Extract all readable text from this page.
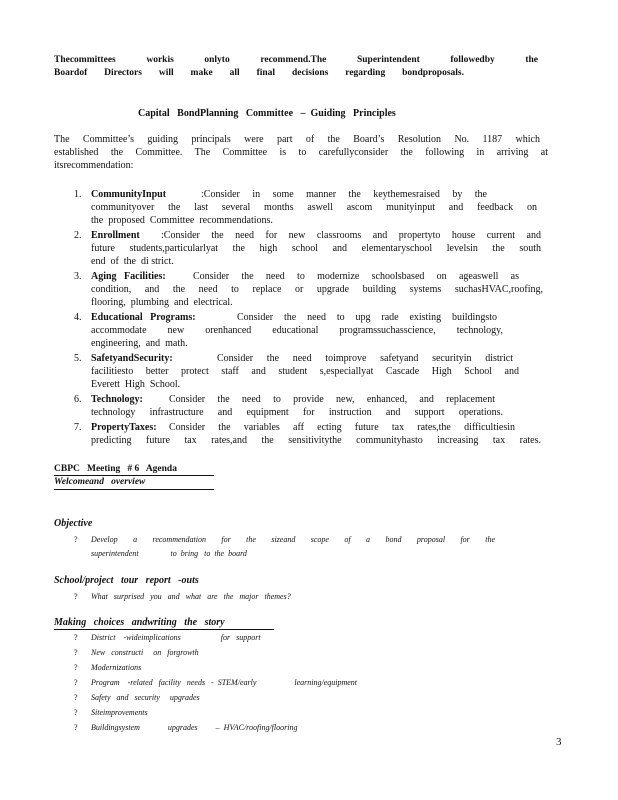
Thecommittees workis onlyto recommend.The Superintendent followedby the
Boardof Directors will make all final decisions regarding bondproposals.
Capital   BondPlanning   Committee   –  Guiding   Principles
The Committee’s guiding principals were part of the Board’s Resolution No. 1187 which
established the Committee. The Committee is to carefullyconsider the following in arriving at
itsrecommendation:
1. CommunityInput	:Consider in some manner the keythemesraised by the
communityover the last several months aswell ascom munityinput and feedback on
the  proposed  Committee  recommendations.
2. Enrollment :Consider the need for new classrooms and propertyto house current and
future students,particularlyat the high school and elementaryschool levelsin the south
end  of  the  di strict.
3. Aging   Facilities:	Consider the need to modernize schoolsbased on ageaswell as
condition, and the need to replace or upgrade building systems suchasHVAC,roofing,
flooring,  plumbing  and  electrical.
4. Educational   Programs:	Consider the need to upg rade existing buildingsto
accommodate new orenhanced educational programssuchasscience, technology,
engineering,  and  math.
5. SafetyandSecurity:	Consider the need toimprove safetyand securityin district
facilitiesto better protect staff and student s,especiallyat Cascade High School and
Everett  High  School.
6. Technology:	Consider the need to provide new, enhanced, and replacement
technology infrastructure and equipment for instruction and support operations.
7. PropertyTaxes: Consider the variables aff ecting future tax rates,the difficultiesin
predicting future tax rates,and the sensitivitythe communityhasto increasing tax rates.
CBPC   Meeting   # 6   Agenda
Welcomeand   overview
Objective
? Develop a recommendation for the sizeand scope of a bond proposal for the
superintendent                to  bring   to  the  board
School/project   tour   report   -outs
? What   surprised   you   and   what   are   the   major   themes?
Making   choices   andwriting   the   story
? District    -wideimplications                    for   support
? New   constructi     on   forgrowth
? Modernizations
? Program    -related   facility   needs   -  STEM/early                   learning/equipment
? Safety   and   security     upgrades
? Siteimprovements
? Buildingsystem              upgrades         –  HVAC/roofing/flooring
3
